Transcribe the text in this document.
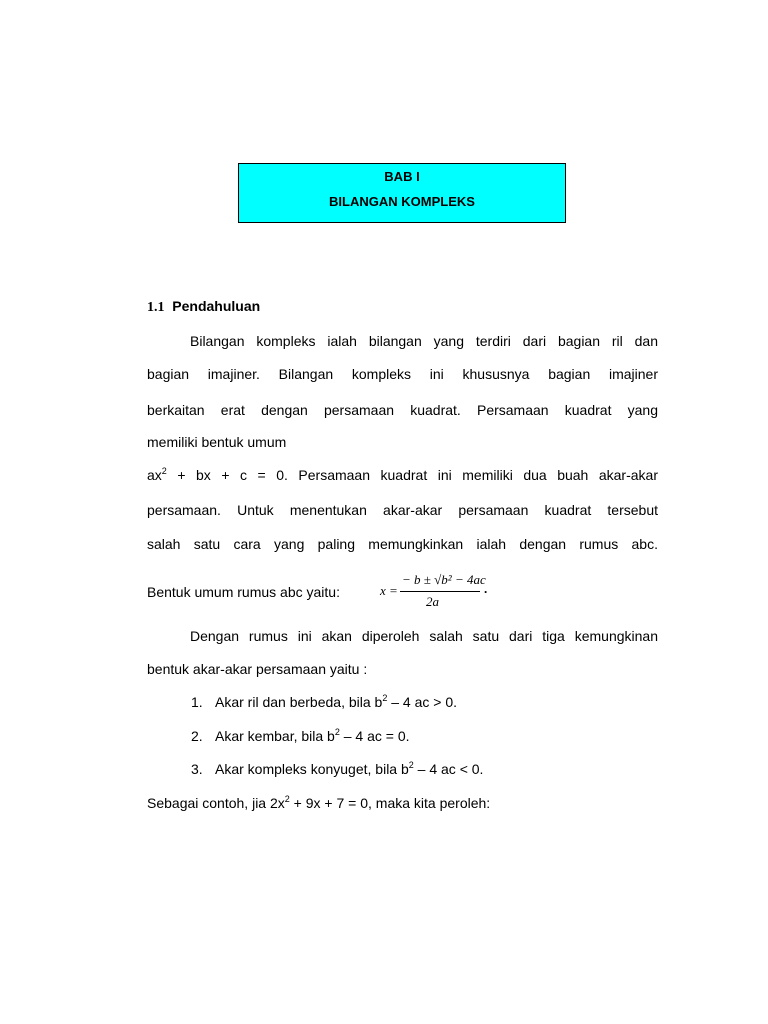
BAB I
BILANGAN KOMPLEKS
1.1 Pendahuluan
Bilangan kompleks ialah bilangan yang terdiri dari bagian ril dan
bagian imajiner. Bilangan kompleks ini khususnya bagian imajiner
berkaitan erat dengan persamaan kuadrat. Persamaan kuadrat yang
memiliki bentuk umum
$ax^2$ + bx + c = 0. Persamaan kuadrat ini memiliki dua buah akar-akar
persamaan. Untuk menentukan akar-akar persamaan kuadrat tersebut
salah satu cara yang paling memungkinkan ialah dengan rumus abc.
Bentuk umum rumus abc yaitu:	x =
− b ± √b² − 4ac
2a
.
Dengan rumus ini akan diperoleh salah satu dari tiga kemungkinan
bentuk akar-akar persamaan yaitu :
1. Akar ril dan berbeda, bila $b^2 - 4$ ac > 0.
2. Akar kembar, bila $b^2 - 4$ ac = 0.
3. Akar kompleks konyuget, bila $b^2 - 4$ ac < 0.
Sebagai contoh, jia $2x^2 + 9x + 7 = 0$, maka kita peroleh:
